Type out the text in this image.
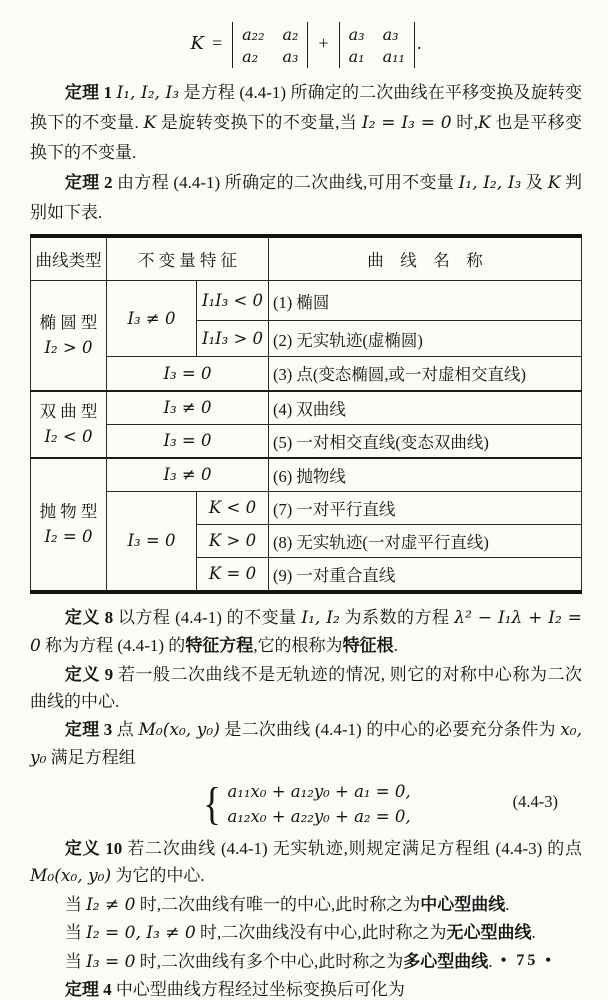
K = a₂₂ a₂
a₂	a₃
+ a₃ a₃
a₁ a₁₁
.

定理 1 I₁, I₂, I₃ 是方程 (4.4-1) 所确定的二次曲线在平移变换及旋转变换下的不变量. K 是旋转变换下的不变量,当 I₂ = I₃ = 0 时,K 也是平移变换下的不变量.

定理 2 由方程 (4.4-1) 所确定的二次曲线,可用不变量 I₁, I₂, I₃ 及 K 判别如下表.

曲线类型	不 变 量 特 征		曲　线　名　称

椭 圆 型
I₂ > 0	I₃ ≠ 0	I₁I₃ < 0	(1) 椭圆
		I₁I₃ > 0	(2) 无实轨迹(虚椭圆)
	I₃ = 0		(3) 点(变态椭圆,或一对虚相交直线)

双 曲 型
I₂ < 0	I₃ ≠ 0		(4) 双曲线
	I₃ = 0		(5) 一对相交直线(变态双曲线)

抛 物 型
I₂ = 0	I₃ ≠ 0		(6) 抛物线
	I₃ = 0	K < 0	(7) 一对平行直线
		K > 0	(8) 无实轨迹(一对虚平行直线)
		K = 0	(9) 一对重合直线

定义 8 以方程 (4.4-1) 的不变量 I₁, I₂ 为系数的方程 λ² − I₁λ + I₂ = 0 称为方程 (4.4-1) 的特征方程,它的根称为特征根.

定义 9 若一般二次曲线不是无轨迹的情况, 则它的对称中心称为二次曲线的中心.

定理 3 点 M₀(x₀, y₀) 是二次曲线 (4.4-1) 的中心的必要充分条件为 x₀, y₀ 满足方程组

{ a₁₁x₀ + a₁₂y₀ + a₁ = 0,
a₁₂x₀ + a₂₂y₀ + a₂ = 0,
(4.4-3)

定义 10 若二次曲线 (4.4-1) 无实轨迹,则规定满足方程组 (4.4-3) 的点 M₀(x₀, y₀) 为它的中心.

当 I₂ ≠ 0 时,二次曲线有唯一的中心,此时称之为中心型曲线.

当 I₂ = 0, I₃ ≠ 0 时,二次曲线没有中心,此时称之为无心型曲线.

当 I₃ = 0 时,二次曲线有多个中心,此时称之为多心型曲线.

定理 4 中心型曲线方程经过坐标变换后可化为

• 75 •
